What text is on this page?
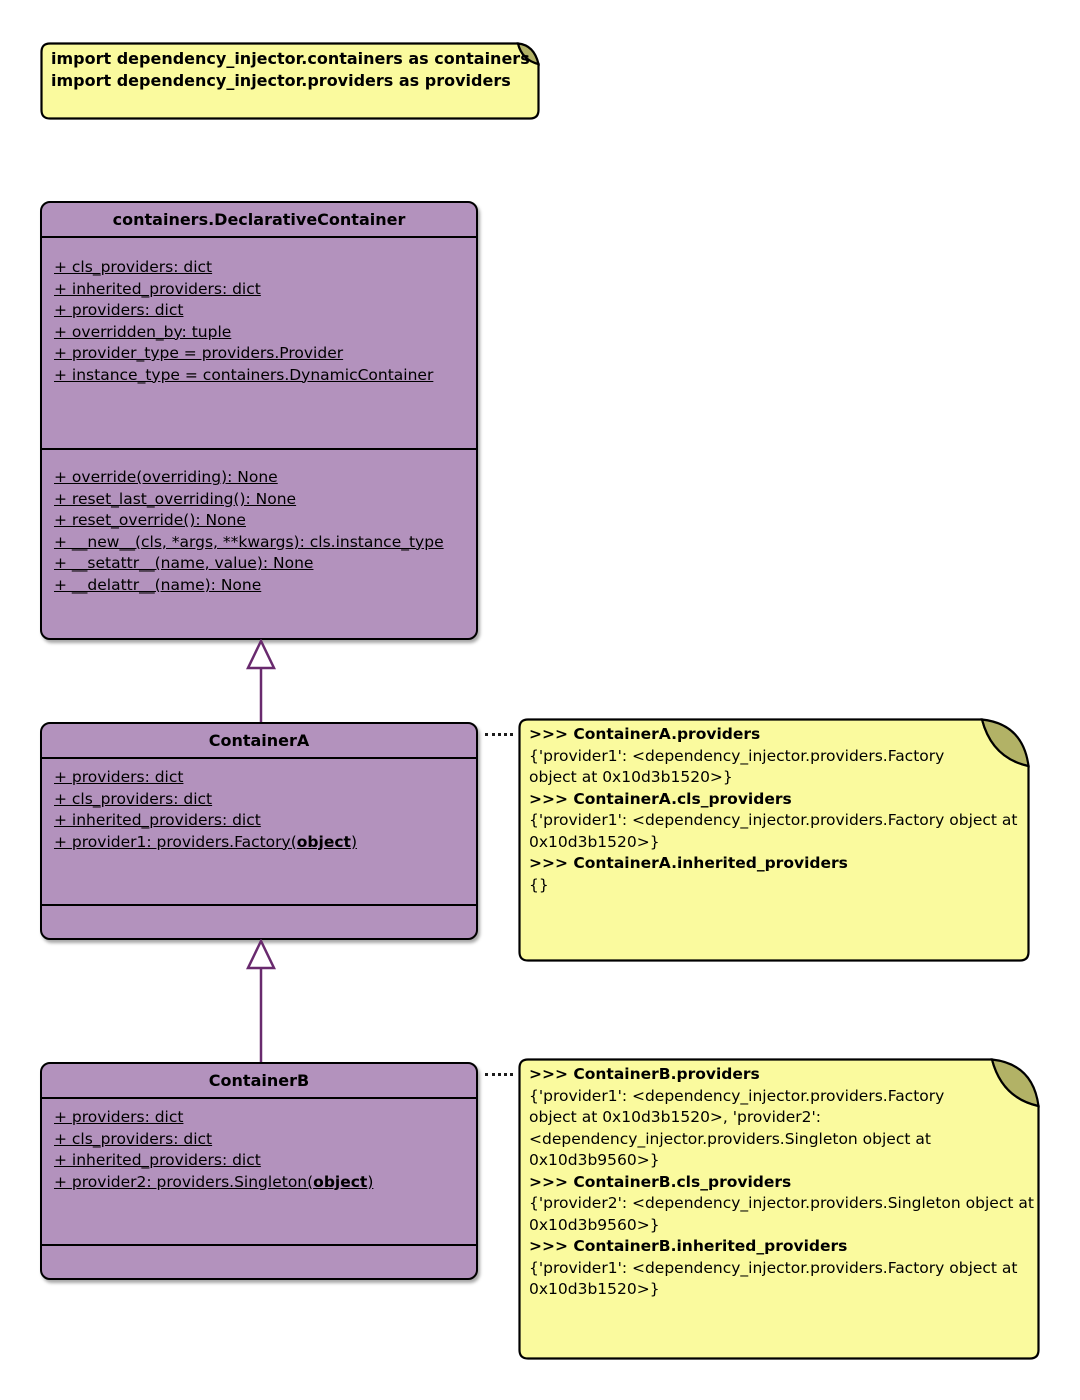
import dependency_injector.containers as containers
import dependency_injector.providers as providers
containers.DeclarativeContainer
+ cls_providers: dict
+ inherited_providers: dict
+ providers: dict
+ overridden_by: tuple
+ provider_type = providers.Provider
+ instance_type = containers.DynamicContainer
+ override(overriding): None
+ reset_last_overriding(): None
+ reset_override(): None
+ __new__(cls, *args, **kwargs): cls.instance_type
+ __setattr__(name, value): None
+ __delattr__(name): None
ContainerA
+ providers: dict
+ cls_providers: dict
+ inherited_providers: dict
+ provider1: providers.Factory(object)
>>> ContainerA.providers
{'provider1': <dependency_injector.providers.Factory
object at 0x10d3b1520>}
>>> ContainerA.cls_providers
{'provider1': <dependency_injector.providers.Factory object at
0x10d3b1520>}
>>> ContainerA.inherited_providers
{}
ContainerB
+ providers: dict
+ cls_providers: dict
+ inherited_providers: dict
+ provider2: providers.Singleton(object)
>>> ContainerB.providers
{'provider1': <dependency_injector.providers.Factory
object at 0x10d3b1520>, 'provider2':
<dependency_injector.providers.Singleton object at
0x10d3b9560>}
>>> ContainerB.cls_providers
{'provider2': <dependency_injector.providers.Singleton object at
0x10d3b9560>}
>>> ContainerB.inherited_providers
{'provider1': <dependency_injector.providers.Factory object at
0x10d3b1520>}
